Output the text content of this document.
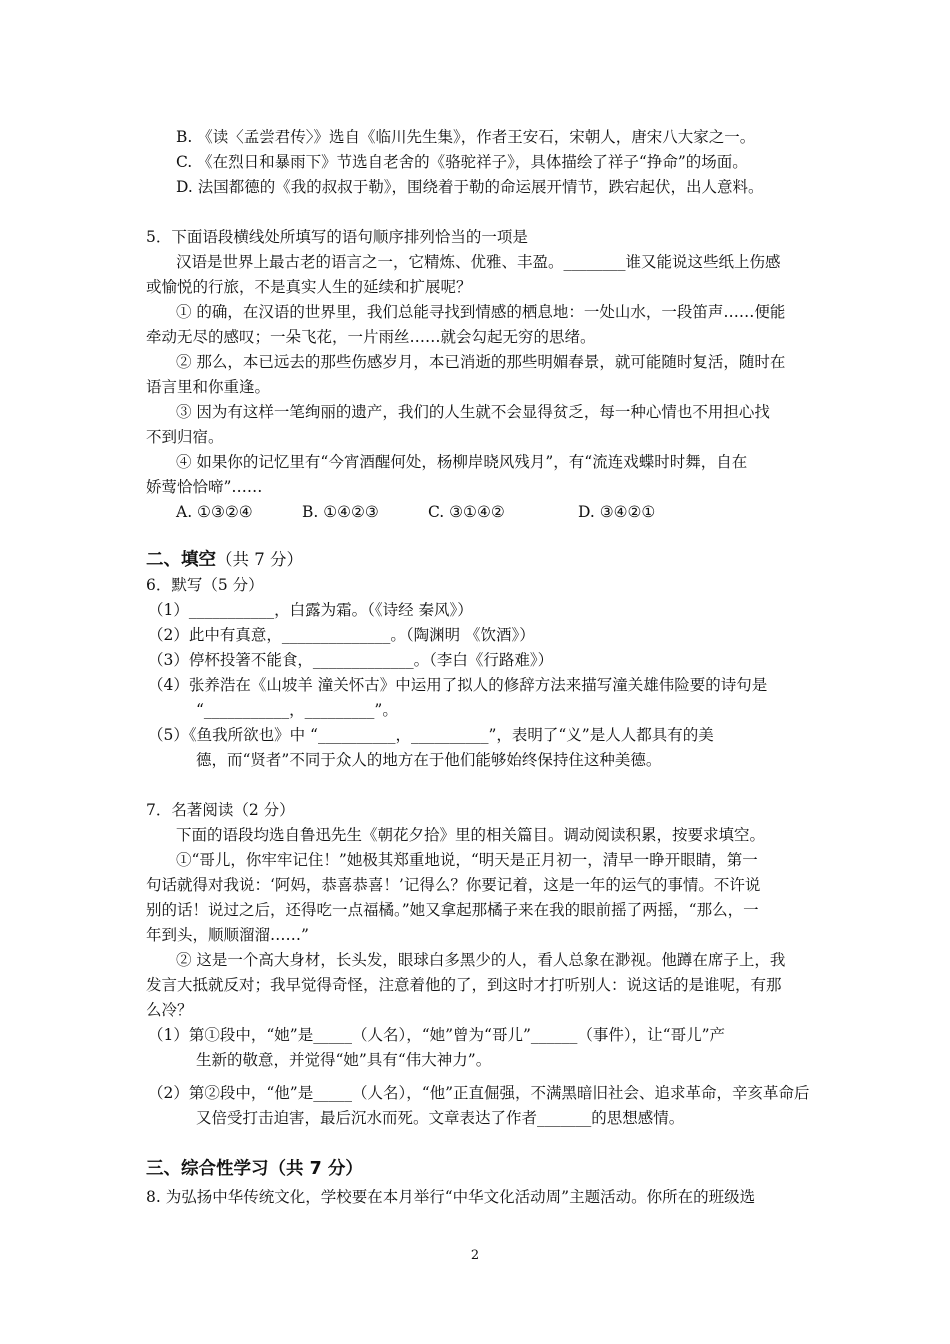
B. 《读〈孟尝君传〉》选自《临川先生集》，作者王安石，宋朝人，唐宋八大家之一。
C. 《在烈日和暴雨下》节选自老舍的《骆驼祥子》，具体描绘了祥子“挣命”的场面。
D. 法国都德的《我的叔叔于勒》，围绕着于勒的命运展开情节，跌宕起伏，出人意料。
5．下面语段横线处所填写的语句顺序排列恰当的一项是
汉语是世界上最古老的语言之一，它精炼、优雅、丰盈。________谁又能说这些纸上伤感
或愉悦的行旅，不是真实人生的延续和扩展呢？
① 的确，在汉语的世界里，我们总能寻找到情感的栖息地：一处山水，一段笛声……便能
牵动无尽的感叹；一朵飞花，一片雨丝……就会勾起无穷的思绪。
② 那么，本已远去的那些伤感岁月，本已消逝的那些明媚春景，就可能随时复活，随时在
语言里和你重逢。
③ 因为有这样一笔绚丽的遗产，我们的人生就不会显得贫乏，每一种心情也不用担心找
不到归宿。
④ 如果你的记忆里有“今宵酒醒何处，杨柳岸晓风残月”，有“流连戏蝶时时舞，自在
娇莺恰恰啼”……
A. ①③②④	B. ①④②③	C. ③①④②	D. ③④②①
二、填空（共 7 分）
6．默写（5 分）
（1）___________，白露为霜。（《诗经 秦风》）
（2）此中有真意，______________。（陶渊明 《饮酒》）
（3）停杯投箸不能食，_____________。（李白《行路难》）
（4）张养浩在《山坡羊 潼关怀古》中运用了拟人的修辞方法来描写潼关雄伟险要的诗句是
“___________，_________”。
（5）《鱼我所欲也》中 “__________，__________”，表明了“义”是人人都具有的美
德，而“贤者”不同于众人的地方在于他们能够始终保持住这种美德。
7．名著阅读（2 分）
下面的语段均选自鲁迅先生《朝花夕拾》里的相关篇目。调动阅读积累，按要求填空。
①“哥儿，你牢牢记住！”她极其郑重地说，“明天是正月初一，清早一睁开眼睛，第一
句话就得对我说：‘阿妈，恭喜恭喜！’记得么？你要记着，这是一年的运气的事情。不许说
别的话！说过之后，还得吃一点福橘。”她又拿起那橘子来在我的眼前摇了两摇，“那么，一
年到头，顺顺溜溜……”
② 这是一个高大身材，长头发，眼球白多黑少的人，看人总象在渺视。他蹲在席子上，我
发言大抵就反对；我早觉得奇怪，注意着他的了，到这时才打听别人：说这话的是谁呢，有那
么冷？
（1）第①段中，“她”是_____（人名），“她”曾为“哥儿”______（事件），让“哥儿”产
生新的敬意，并觉得“她”具有“伟大神力”。
（2）第②段中，“他”是_____（人名），“他”正直倔强，不满黑暗旧社会、追求革命，辛亥革命后
又倍受打击迫害，最后沉水而死。文章表达了作者_______的思想感情。
三、综合性学习（共 7 分）
8. 为弘扬中华传统文化，学校要在本月举行“中华文化活动周”主题活动。你所在的班级选
2
